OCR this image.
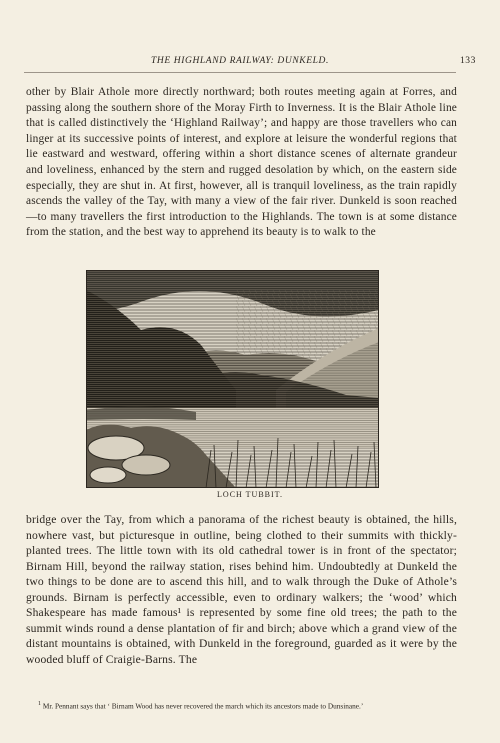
THE HIGHLAND RAILWAY: DUNKELD.	133

other by Blair Athole more directly northward; both routes meeting again at Forres, and passing along the southern shore of the Moray Firth to Inverness. It is the Blair Athole line that is called distinctively the ‘Highland Railway’; and happy are those travellers who can linger at its successive points of interest, and explore at leisure the wonderful regions that lie eastward and westward, offering within a short distance scenes of alternate grandeur and loveliness, enhanced by the stern and rugged desolation by which, on the eastern side especially, they are shut in. At first, however, all is tranquil loveliness, as the train rapidly ascends the valley of the Tay, with many a view of the fair river. Dunkeld is soon reached—to many travellers the first introduction to the Highlands. The town is at some distance from the station, and the best way to apprehend its beauty is to walk to the

LOCH TUBBIT.

bridge over the Tay, from which a panorama of the richest beauty is obtained, the hills, nowhere vast, but picturesque in outline, being clothed to their summits with thickly-planted trees. The little town with its old cathedral tower is in front of the spectator; Birnam Hill, beyond the railway station, rises behind him. Undoubtedly at Dunkeld the two things to be done are to ascend this hill, and to walk through the Duke of Athole’s grounds. Birnam is perfectly accessible, even to ordinary walkers; the ‘wood’ which Shakespeare has made famous¹ is represented by some fine old trees; the path to the summit winds round a dense plantation of fir and birch; above which a grand view of the distant mountains is obtained, with Dunkeld in the foreground, guarded as it were by the wooded bluff of Craigie-Barns. The

$^1$ Mr. Pennant says that ‘ Birnam Wood has never recovered the march which its ancestors made to Dunsinane.’
